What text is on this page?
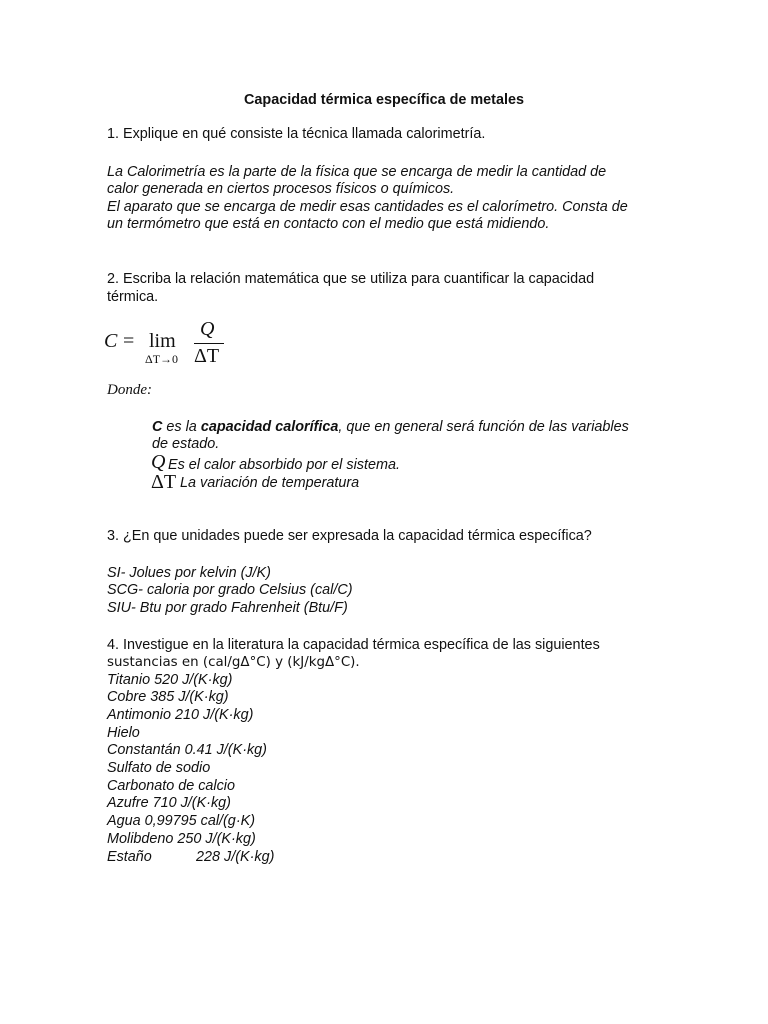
Capacidad térmica específica de metales
1. Explique en qué consiste la técnica llamada calorimetría.
La Calorimetría es la parte de la física que se encarga de medir la cantidad de
calor generada en ciertos procesos físicos o químicos.
El aparato que se encarga de medir esas cantidades es el calorímetro. Consta de
un termómetro que está en contacto con el medio que está midiendo.
2. Escriba la relación matemática que se utiliza para cuantificar la capacidad
térmica.
C = lim
ΔT→0
Q
ΔT
Donde:
C es la capacidad calorífica, que en general será función de las variables
de estado.
Q Es el calor absorbido por el sistema.
ΔT La variación de temperatura
3. ¿En que unidades puede ser expresada la capacidad térmica específica?
SI- Jolues por kelvin (J/K)
SCG- caloria por grado Celsius (cal/C)
SIU- Btu por grado Fahrenheit (Btu/F)
4. Investigue en la literatura la capacidad térmica específica de las siguientes
sustancias en (cal/gΔ°C) y (kJ/kgΔ°C).
Titanio 520 J/(K·kg)
Cobre 385 J/(K·kg)
Antimonio 210 J/(K·kg)
Hielo
Constantán 0.41 J/(K·kg)
Sulfato de sodio
Carbonato de calcio
Azufre 710 J/(K·kg)
Agua 0,99795 cal/(g·K)
Molibdeno 250 J/(K·kg)
Estaño	228 J/(K·kg)
